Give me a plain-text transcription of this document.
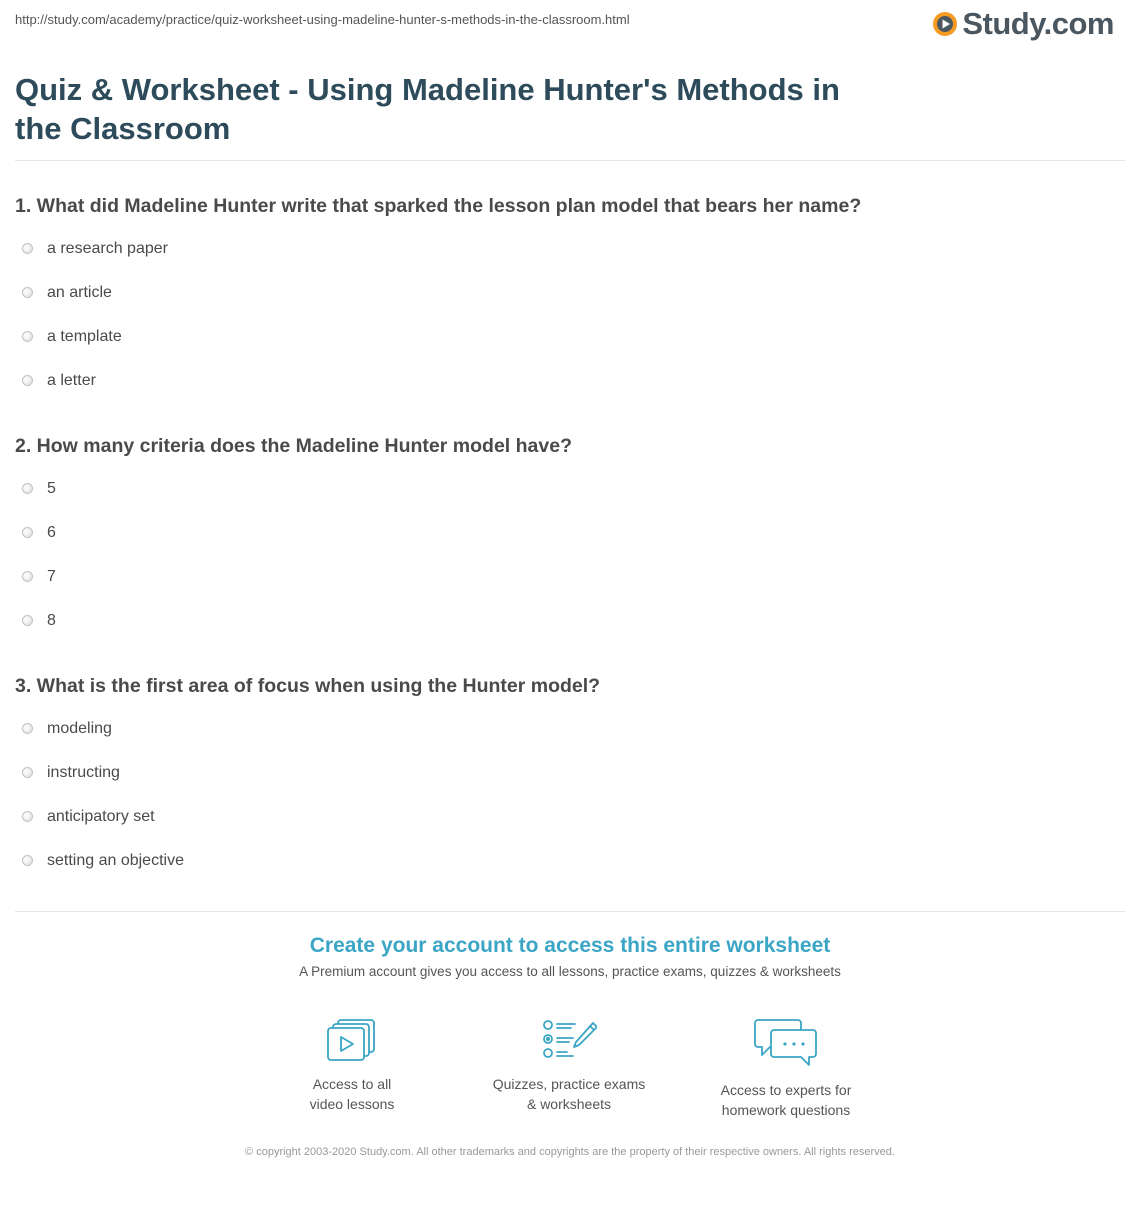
http://study.com/academy/practice/quiz-worksheet-using-madeline-hunter-s-methods-in-the-classroom.html	Study.com
Quiz & Worksheet - Using Madeline Hunter's Methods in the Classroom
1. What did Madeline Hunter write that sparked the lesson plan model that bears her name?
a research paper
an article
a template
a letter
2. How many criteria does the Madeline Hunter model have?
5
6
7
8
3. What is the first area of focus when using the Hunter model?
modeling
instructing
anticipatory set
setting an objective
Create your account to access this entire worksheet
A Premium account gives you access to all lessons, practice exams, quizzes & worksheets
Access to all
video lessons
Quizzes, practice exams
& worksheets
Access to experts for
homework questions
© copyright 2003-2020 Study.com. All other trademarks and copyrights are the property of their respective owners. All rights reserved.
